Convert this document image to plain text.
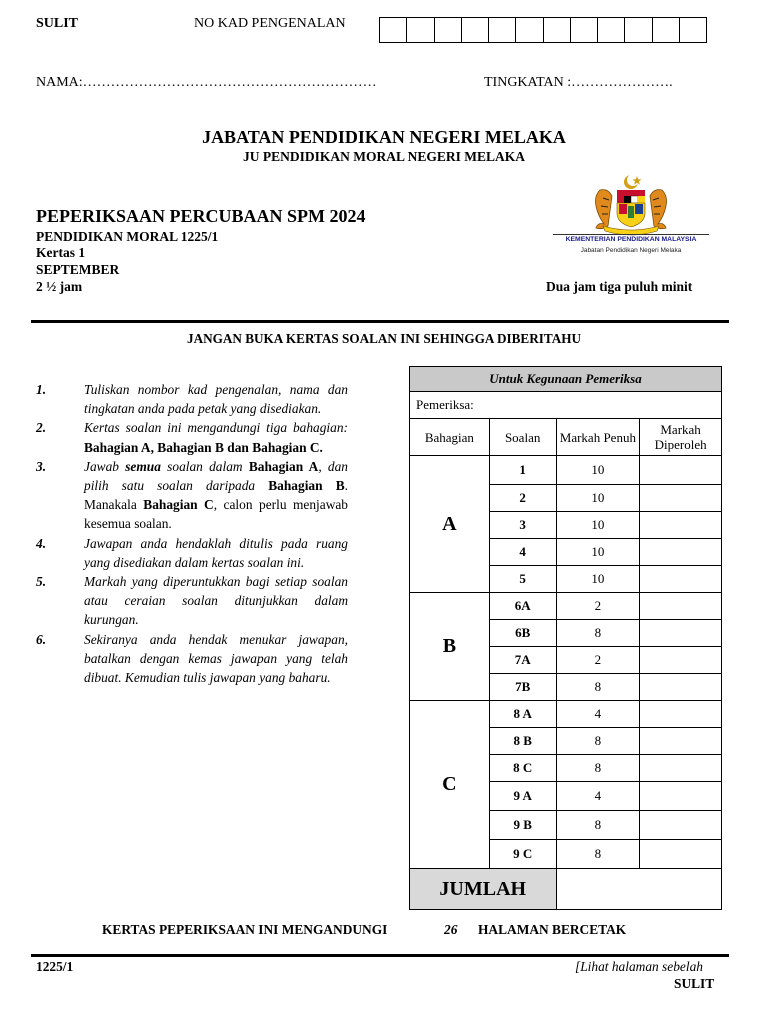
SULIT	NO KAD PENGENALAN
NAMA:………………………………………………………	TINGKATAN :………………….
JABATAN PENDIDIKAN NEGERI MELAKA
JU PENDIDIKAN MORAL NEGERI MELAKA
PEPERIKSAAN PERCUBAAN SPM 2024
PENDIDIKAN MORAL 1225/1
Kertas 1
SEPTEMBER
2 ½ jam	Dua jam tiga puluh minit
KEMENTERIAN PENDIDIKAN MALAYSIA
Jabatan Pendidikan Negeri Melaka
JANGAN BUKA KERTAS SOALAN INI SEHINGGA DIBERITAHU
1.	Tuliskan nombor kad pengenalan, nama dan tingkatan anda pada petak yang disediakan.
2.	Kertas soalan ini mengandungi tiga bahagian: Bahagian A, Bahagian B dan Bahagian C.
3.	Jawab semua soalan dalam Bahagian A, dan pilih satu soalan daripada Bahagian B. Manakala Bahagian C, calon perlu menjawab kesemua soalan.
4.	Jawapan anda hendaklah ditulis pada ruang yang disediakan dalam kertas soalan ini.
5.	Markah yang diperuntukkan bagi setiap soalan atau ceraian soalan ditunjukkan dalam kurungan.
6.	Sekiranya anda hendak menukar jawapan, batalkan dengan kemas jawapan yang telah dibuat. Kemudian tulis jawapan yang baharu.
Untuk Kegunaan Pemeriksa			
Pemeriksa:			
Bahagian	Soalan	Markah Penuh	Markah Diperoleh
A	1	10	
	2	10	
	3	10	
	4	10	
	5	10	
B	6A	2	
	6B	8	
	7A	2	
	7B	8	
C	8 A	4	
	8 B	8	
	8 C	8	
	9 A	4	
	9 B	8	
	9 C	8	
JUMLAH			
KERTAS PEPERIKSAAN INI MENGANDUNGI	26 HALAMAN BERCETAK
1225/1	[Lihat halaman sebelah
SULIT
